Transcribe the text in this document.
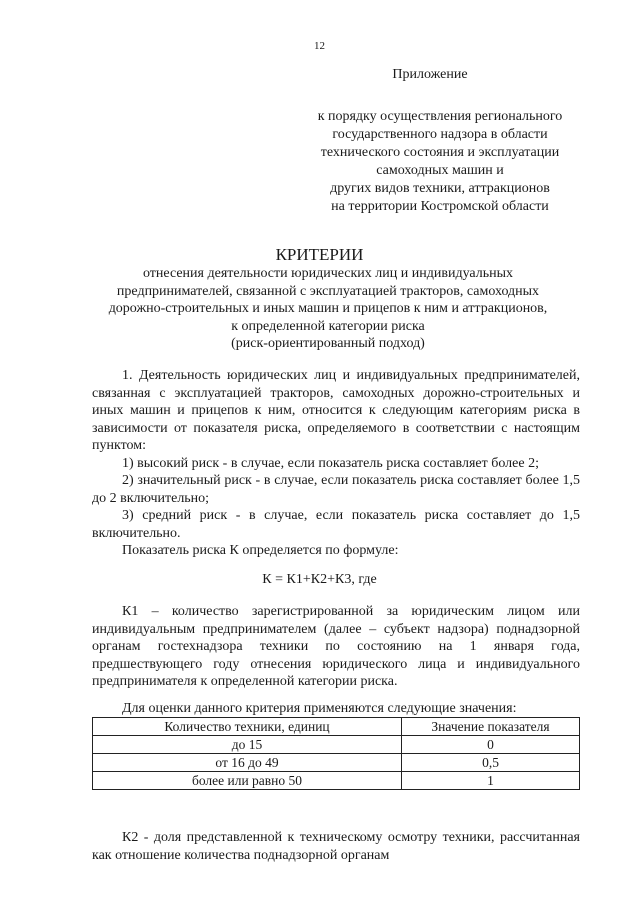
12
Приложение
к порядку осуществления регионального
государственного надзора в области
технического состояния и эксплуатации
самоходных машин и
других видов техники, аттракционов
на территории Костромской области
КРИТЕРИИ
отнесения деятельности юридических лиц и индивидуальных
предпринимателей, связанной с эксплуатацией тракторов, самоходных
дорожно-строительных и иных машин и прицепов к ним и аттракционов,
к определенной категории риска
(риск-ориентированный подход)
1. Деятельность юридических лиц и индивидуальных предпринимателей, связанная с эксплуатацией тракторов, самоходных дорожно-строительных и иных машин и прицепов к ним, относится к следующим категориям риска в зависимости от показателя риска, определяемого в соответствии с настоящим пунктом:
1) высокий риск - в случае, если показатель риска составляет более 2;
2) значительный риск - в случае, если показатель риска составляет более 1,5 до 2 включительно;
3) средний риск - в случае, если показатель риска составляет до 1,5 включительно.
Показатель риска К определяется по формуле:
К = К1+К2+К3, где
К1 – количество зарегистрированной за юридическим лицом или индивидуальным предпринимателем (далее – субъект надзора) поднадзорной органам гостехнадзора техники по состоянию на 1 января года, предшествующего году отнесения юридического лица и индивидуального предпринимателя к определенной категории риска.
Для оценки данного критерия применяются следующие значения:
Количество техники, единиц	Значение показателя
до 15	0
от 16 до 49	0,5
более или равно 50	1
К2 - доля представленной к техническому осмотру техники, рассчитанная как отношение количества поднадзорной органам
